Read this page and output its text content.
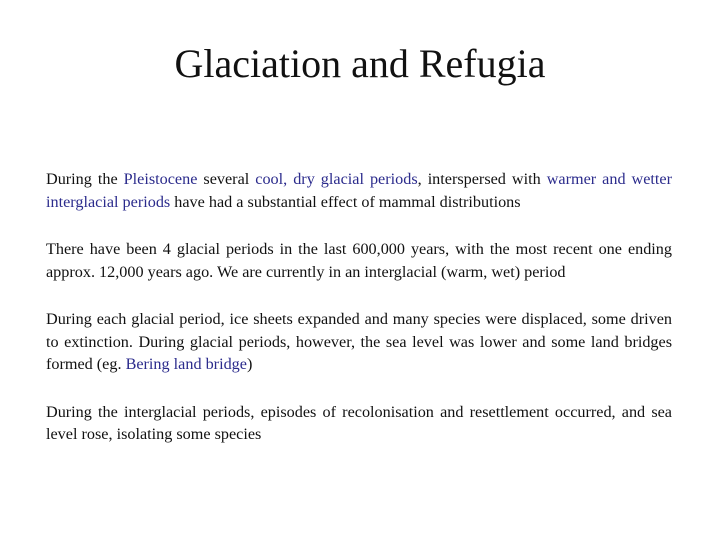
Glaciation and Refugia

During the Pleistocene several cool, dry glacial periods, interspersed with warmer and wetter interglacial periods have had a substantial effect of mammal distributions

There have been 4 glacial periods in the last 600,000 years, with the most recent one ending approx. 12,000 years ago. We are currently in an interglacial (warm, wet) period

During each glacial period, ice sheets expanded and many species were displaced, some driven to extinction. During glacial periods, however, the sea level was lower and some land bridges formed (eg. Bering land bridge)

During the interglacial periods, episodes of recolonisation and resettlement occurred, and sea level rose, isolating some species
